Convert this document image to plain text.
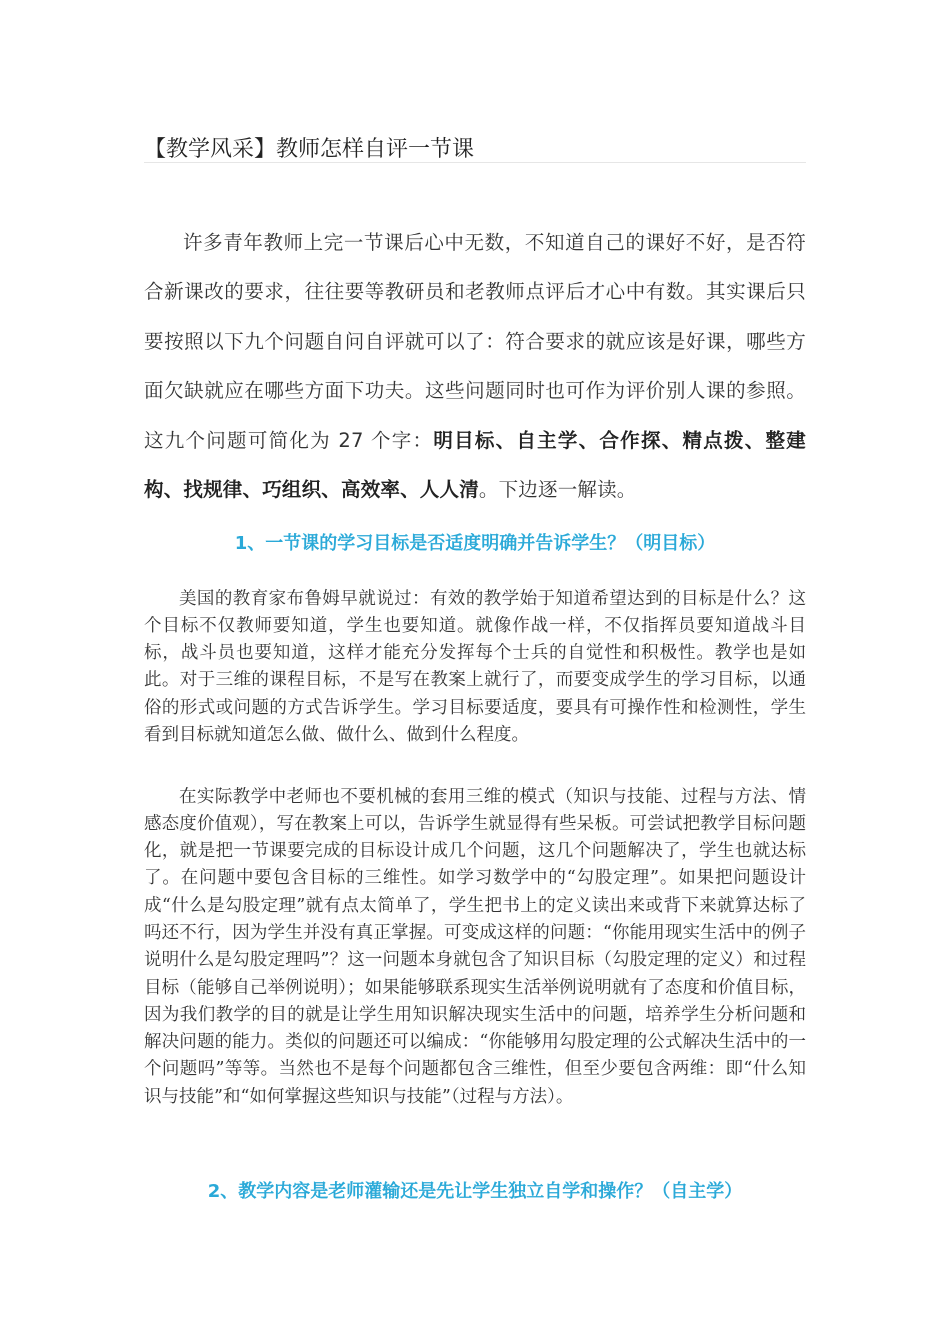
【教学风采】教师怎样自评一节课

许多青年教师上完一节课后心中无数，不知道自己的课好不好，是否符合新课改的要求，往往要等教研员和老教师点评后才心中有数。其实课后只要按照以下九个问题自问自评就可以了：符合要求的就应该是好课，哪些方面欠缺就应在哪些方面下功夫。这些问题同时也可作为评价别人课的参照。这九个问题可简化为 27 个字：明目标、自主学、合作探、精点拨、整建构、找规律、巧组织、高效率、人人清。下边逐一解读。

1、一节课的学习目标是否适度明确并告诉学生？（明目标）

美国的教育家布鲁姆早就说过：有效的教学始于知道希望达到的目标是什么？这个目标不仅教师要知道，学生也要知道。就像作战一样，不仅指挥员要知道战斗目标，战斗员也要知道，这样才能充分发挥每个士兵的自觉性和积极性。教学也是如此。对于三维的课程目标，不是写在教案上就行了，而要变成学生的学习目标，以通俗的形式或问题的方式告诉学生。学习目标要适度，要具有可操作性和检测性，学生看到目标就知道怎么做、做什么、做到什么程度。

在实际教学中老师也不要机械的套用三维的模式（知识与技能、过程与方法、情感态度价值观），写在教案上可以，告诉学生就显得有些呆板。可尝试把教学目标问题化，就是把一节课要完成的目标设计成几个问题，这几个问题解决了，学生也就达标了。在问题中要包含目标的三维性。如学习数学中的“勾股定理”。如果把问题设计成“什么是勾股定理”就有点太简单了，学生把书上的定义读出来或背下来就算达标了吗还不行，因为学生并没有真正掌握。可变成这样的问题：“你能用现实生活中的例子说明什么是勾股定理吗”？这一问题本身就包含了知识目标（勾股定理的定义）和过程目标（能够自己举例说明）；如果能够联系现实生活举例说明就有了态度和价值目标，因为我们教学的目的就是让学生用知识解决现实生活中的问题，培养学生分析问题和解决问题的能力。类似的问题还可以编成：“你能够用勾股定理的公式解决生活中的一个问题吗”等等。当然也不是每个问题都包含三维性，但至少要包含两维：即“什么知识与技能”和“如何掌握这些知识与技能”（过程与方法）。

2、教学内容是老师灌输还是先让学生独立自学和操作？（自主学）
